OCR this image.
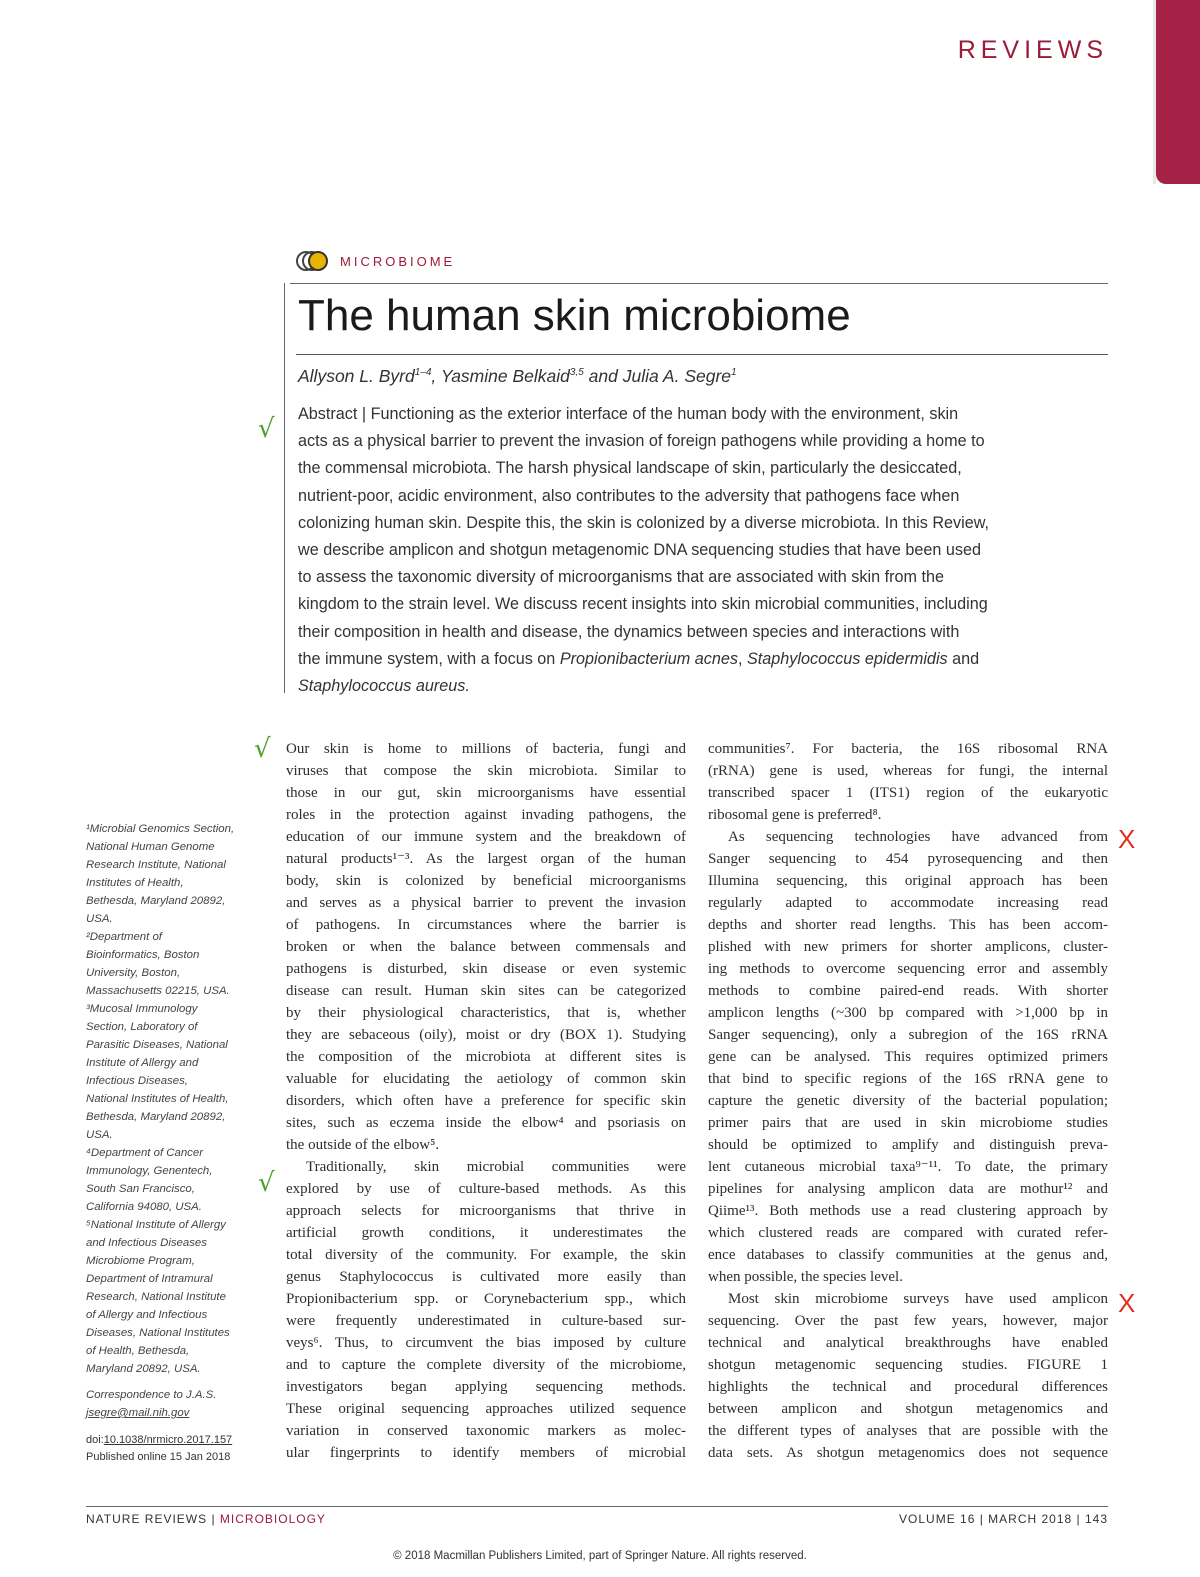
REVIEWS
MICROBIOME
The human skin microbiome
Allyson L. Byrd$^{1-4}$, Yasmine Belkaid$^{3,5}$ and Julia A. Segre$^1$
Abstract | Functioning as the exterior interface of the human body with the environment, skin
acts as a physical barrier to prevent the invasion of foreign pathogens while providing a home to
the commensal microbiota. The harsh physical landscape of skin, particularly the desiccated,
nutrient-poor, acidic environment, also contributes to the adversity that pathogens face when
colonizing human skin. Despite this, the skin is colonized by a diverse microbiota. In this Review,
we describe amplicon and shotgun metagenomic DNA sequencing studies that have been used
to assess the taxonomic diversity of microorganisms that are associated with skin from the
kingdom to the strain level. We discuss recent insights into skin microbial communities, including
their composition in health and disease, the dynamics between species and interactions with
the immune system, with a focus on Propionibacterium acnes, Staphylococcus epidermidis and
Staphylococcus aureus.
√
√
√
X
X
Our skin is home to millions of bacteria, fungi and
viruses that compose the skin microbiota. Similar to
those in our gut, skin microorganisms have essential
roles in the protection against invading pathogens, the
education of our immune system and the breakdown of
natural products¹⁻³. As the largest organ of the human
body, skin is colonized by beneficial microorganisms
and serves as a physical barrier to prevent the invasion
of pathogens. In circumstances where the barrier is
broken or when the balance between commensals and
pathogens is disturbed, skin disease or even systemic
disease can result. Human skin sites can be categorized
by their physiological characteristics, that is, whether
they are sebaceous (oily), moist or dry (BOX 1). Studying
the composition of the microbiota at different sites is
valuable for elucidating the aetiology of common skin
disorders, which often have a preference for specific skin
sites, such as eczema inside the elbow⁴ and psoriasis on
the outside of the elbow⁵.
Traditionally, skin microbial communities were
explored by use of culture-based methods. As this
approach selects for microorganisms that thrive in
artificial growth conditions, it underestimates the
total diversity of the community. For example, the skin
genus Staphylococcus is cultivated more easily than
Propionibacterium spp. or Corynebacterium spp., which
were frequently underestimated in culture-based sur-
veys⁶. Thus, to circumvent the bias imposed by culture
and to capture the complete diversity of the microbiome,
investigators began applying sequencing methods.
These original sequencing approaches utilized sequence
variation in conserved taxonomic markers as molec-
ular fingerprints to identify members of microbial
communities⁷. For bacteria, the 16S ribosomal RNA
(rRNA) gene is used, whereas for fungi, the internal
transcribed spacer 1 (ITS1) region of the eukaryotic
ribosomal gene is preferred⁸.
As sequencing technologies have advanced from
Sanger sequencing to 454 pyrosequencing and then
Illumina sequencing, this original approach has been
regularly adapted to accommodate increasing read
depths and shorter read lengths. This has been accom-
plished with new primers for shorter amplicons, cluster-
ing methods to overcome sequencing error and assembly
methods to combine paired-end reads. With shorter
amplicon lengths (~300 bp compared with >1,000 bp in
Sanger sequencing), only a subregion of the 16S rRNA
gene can be analysed. This requires optimized primers
that bind to specific regions of the 16S rRNA gene to
capture the genetic diversity of the bacterial population;
primer pairs that are used in skin microbiome studies
should be optimized to amplify and distinguish preva-
lent cutaneous microbial taxa⁹⁻¹¹. To date, the primary
pipelines for analysing amplicon data are mothur¹² and
Qiime¹³. Both methods use a read clustering approach by
which clustered reads are compared with curated refer-
ence databases to classify communities at the genus and,
when possible, the species level.
Most skin microbiome surveys have used amplicon
sequencing. Over the past few years, however, major
technical and analytical breakthroughs have enabled
shotgun metagenomic sequencing studies. FIGURE 1
highlights the technical and procedural differences
between amplicon and shotgun metagenomics and
the different types of analyses that are possible with the
data sets. As shotgun metagenomics does not sequence
¹Microbial Genomics Section,
National Human Genome
Research Institute, National
Institutes of Health,
Bethesda, Maryland 20892,
USA.
²Department of
Bioinformatics, Boston
University, Boston,
Massachusetts 02215, USA.
³Mucosal Immunology
Section, Laboratory of
Parasitic Diseases, National
Institute of Allergy and
Infectious Diseases,
National Institutes of Health,
Bethesda, Maryland 20892,
USA.
⁴Department of Cancer
Immunology, Genentech,
South San Francisco,
California 94080, USA.
⁵National Institute of Allergy
and Infectious Diseases
Microbiome Program,
Department of Intramural
Research, National Institute
of Allergy and Infectious
Diseases, National Institutes
of Health, Bethesda,
Maryland 20892, USA.
Correspondence to J.A.S.
jsegre@mail.nih.gov
doi:10.1038/nrmicro.2017.157
Published online 15 Jan 2018
NATURE REVIEWS | MICROBIOLOGY	VOLUME 16 | MARCH 2018 | 143
© 2018 Macmillan Publishers Limited, part of Springer Nature. All rights reserved.
